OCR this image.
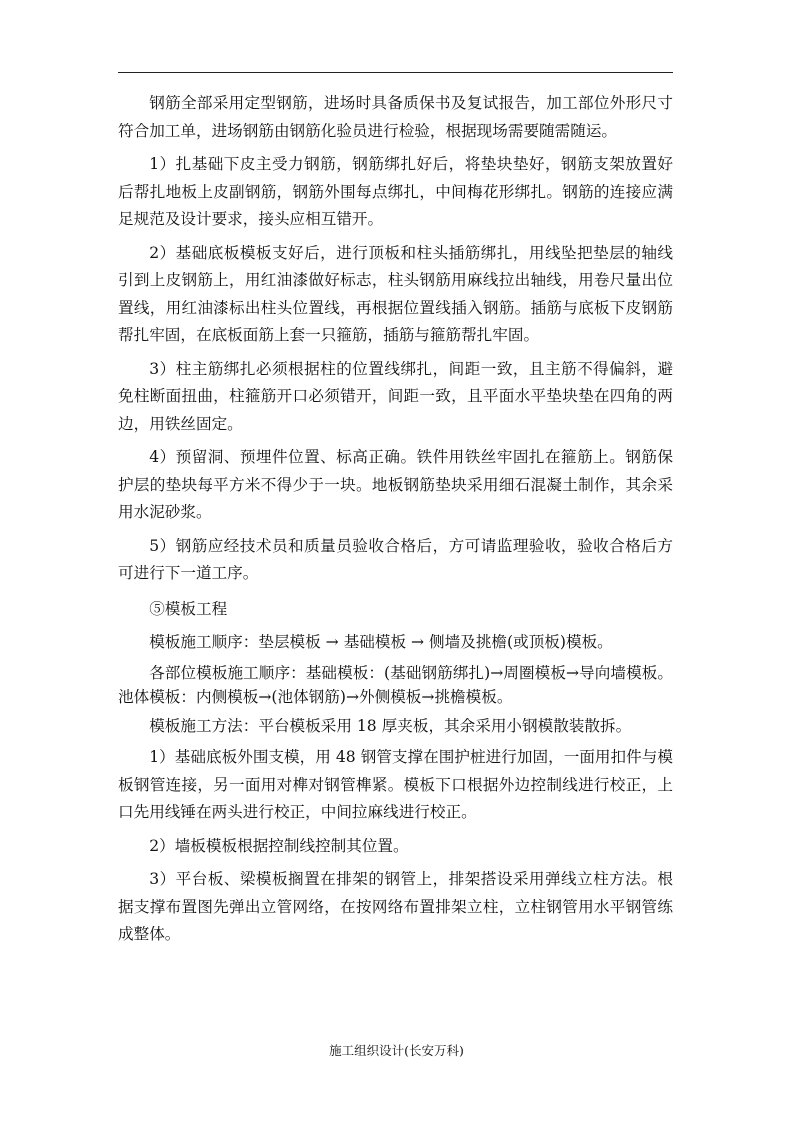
钢筋全部采用定型钢筋，进场时具备质保书及复试报告，加工部位外形尺寸符合加工单，进场钢筋由钢筋化验员进行检验，根据现场需要随需随运。

1）扎基础下皮主受力钢筋，钢筋绑扎好后，将垫块垫好，钢筋支架放置好后帮扎地板上皮副钢筋，钢筋外围每点绑扎，中间梅花形绑扎。钢筋的连接应满足规范及设计要求，接头应相互错开。

2）基础底板模板支好后，进行顶板和柱头插筋绑扎，用线坠把垫层的轴线引到上皮钢筋上，用红油漆做好标志，柱头钢筋用麻线拉出轴线，用卷尺量出位置线，用红油漆标出柱头位置线，再根据位置线插入钢筋。插筋与底板下皮钢筋帮扎牢固，在底板面筋上套一只箍筋，插筋与箍筋帮扎牢固。

3）柱主筋绑扎必须根据柱的位置线绑扎，间距一致，且主筋不得偏斜，避免柱断面扭曲，柱箍筋开口必须错开，间距一致，且平面水平垫块垫在四角的两边，用铁丝固定。

4）预留洞、预埋件位置、标高正确。铁件用铁丝牢固扎在箍筋上。钢筋保护层的垫块每平方米不得少于一块。地板钢筋垫块采用细石混凝土制作，其余采用水泥砂浆。

5）钢筋应经技术员和质量员验收合格后，方可请监理验收，验收合格后方可进行下一道工序。

⑤模板工程

模板施工顺序：垫层模板 → 基础模板 → 侧墙及挑檐(或顶板)模板。

各部位模板施工顺序：基础模板：(基础钢筋绑扎)→周圈模板→导向墙模板。池体模板：内侧模板→(池体钢筋)→外侧模板→挑檐模板。

模板施工方法：平台模板采用 18 厚夹板，其余采用小钢模散装散拆。

1）基础底板外围支模，用 48 钢管支撑在围护桩进行加固，一面用扣件与模板钢管连接，另一面用对榫对钢管榫紧。模板下口根据外边控制线进行校正，上口先用线锤在两头进行校正，中间拉麻线进行校正。

2）墙板模板根据控制线控制其位置。

3）平台板、梁模板搁置在排架的钢管上，排架搭设采用弹线立柱方法。根据支撑布置图先弹出立管网络，在按网络布置排架立柱，立柱钢管用水平钢管练成整体。

施工组织设计(长安万科)
